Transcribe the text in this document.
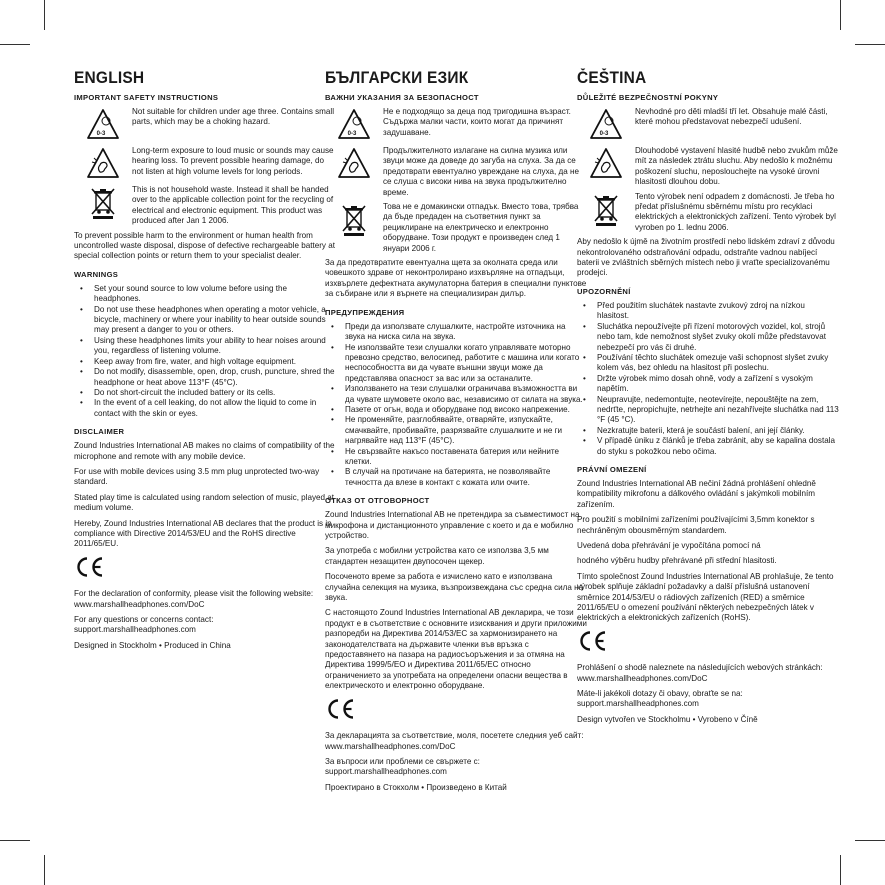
ENGLISH
IMPORTANT SAFETY INSTRUCTIONS
0-3
Not suitable for children under age three. Contains small parts, which may be a choking hazard.
Long-term exposure to loud music or sounds may cause hearing loss. To prevent possible hearing damage, do not listen at high volume levels for long periods.
This is not household waste. Instead it shall be handed over to the applicable collection point for the recycling of electrical and electronic equipment. This product was produced after Jan 1 2006.

To prevent possible harm to the environment or human health from uncontrolled waste disposal, dispose of defective rechargeable battery at special collection points or return them to your specialist dealer.

WARNINGS
• Set your sound source to low volume before using the headphones.
• Do not use these headphones when operating a motor vehicle, a bicycle, machinery or where your inability to hear outside sounds may present a danger to you or others.
• Using these headphones limits your ability to hear noises around you, regardless of listening volume.
• Keep away from fire, water, and high voltage equipment.
• Do not modify, disassemble, open, drop, crush, puncture, shred the headphone or heat above 113°F (45°C).
• Do not short-circuit the included battery or its cells.
• In the event of a cell leaking, do not allow the liquid to come in contact with the skin or eyes.
DISCLAIMER

Zound Industries International AB makes no claims of compatibility of the microphone and remote with any mobile device.

For use with mobile devices using 3.5 mm plug unprotected two-way standard.

Stated play time is calculated using random selection of music, played at medium volume.

Hereby, Zound Industries International AB declares that the product is in compliance with Directive 2014/53/EU and the RoHS directive 2011/65/EU.

For the declaration of conformity, please visit the following website: www.marshallheadphones.com/DoC

For any questions or concerns contact: support.marshallheadphones.com

Designed in Stockholm • Produced in China

БЪЛГАРСКИ ЕЗИК
ВАЖНИ УКАЗАНИЯ ЗА БЕЗОПАСНОСТ
0-3
Не е подходящо за деца под тригодишна възраст. Съдържа малки части, които могат да причинят задушаване.
Продължителното излагане на силна музика или звуци може да доведе до загуба на слуха. За да се предотврати евентуално увреждане на слуха, да не се слуша с високи нива на звука продължително време.
Това не е домакински отпадък. Вместо това, трябва да бъде предаден на съответния пункт за рециклиране на електрическо и електронно оборудване. Този продукт е произведен след 1 януари 2006 г.

За да предотвратите евентуална щета за околната среда или човешкото здраве от неконтролирано изхвърляне на отпадъци, изхвърлете дефектната акумулаторна батерия в специални пунктове за събиране или я върнете на специализиран дилър.

ПРЕДУПРЕЖДЕНИЯ
• Преди да използвате слушалките, настройте източника на звука на ниска сила на звука.
• Не използвайте тези слушалки когато управлявате моторно превозно средство, велосипед, работите с машина или когато неспособността ви да чувате външни звуци може да представлява опасност за вас или за останалите.
• Използването на тези слушалки ограничава възможността ви да чувате шумовете около вас, независимо от силата на звука.
• Пазете от огън, вода и оборудване под високо напрежение.
• Не променяйте, разглобявайте, отваряйте, изпускайте, смачквайте, пробивайте, разрязвайте слушалките и не ги нагрявайте над 113°F (45°C).
• Не свързвайте накъсо поставената батерия или нейните клетки.
• В случай на протичане на батерията, не позволявайте течността да влезе в контакт с кожата или очите.
ОТКАЗ ОТ ОТГОВОРНОСТ

Zound Industries International AB не претендира за съвместимост на микрофона и дистанционното управление с което и да е мобилно устройство.

За употреба с мобилни устройства като се използва 3,5 мм стандартен незащитен двупосочен щекер.

Посоченото време за работа е изчислено като е използвана случайна селекция на музика, възпроизвеждана със средна сила на звука.

С настоящото Zound Industries International AB декларира, че този продукт е в съответствие с основните изисквания и други приложими разпоредби на Директива 2014/53/ЕС за хармонизирането на законодателствата на държавите членки във връзка с предоставянето на пазара на радиосъоръжения и за отмяна на Директива 1999/5/ЕО и Директива 2011/65/ЕС относно ограничението за употребата на определени опасни вещества в електрическото и електронно оборудване.

За декларацията за съответствие, моля, посетете следния уеб сайт: www.marshallheadphones.com/DoC

За въпроси или проблеми се свържете с: support.marshallheadphones.com

Проектирано в Стокхолм • Произведено в Китай

ČEŠTINA
DŮLEŽITÉ BEZPEČNOSTNÍ POKYNY
0-3
Nevhodné pro děti mladší tří let. Obsahuje malé části, které mohou představovat nebezpečí udušení.
Dlouhodobé vystavení hlasité hudbě nebo zvukům může mít za následek ztrátu sluchu. Aby nedošlo k možnému poškození sluchu, neposlouchejte na vysoké úrovni hlasitosti dlouhou dobu.
Tento výrobek není odpadem z domácnosti. Je třeba ho předat příslušnému sběrnému místu pro recyklaci elektrických a elektronických zařízení. Tento výrobek byl vyroben po 1. lednu 2006.

Aby nedošlo k újmě na životním prostředí nebo lidském zdraví z důvodu nekontrolovaného odstraňování odpadu, odstraňte vadnou nabíjecí baterii ve zvláštních sběrných místech nebo ji vraťte specializovanému prodejci.

UPOZORNĚNÍ
• Před použitím sluchátek nastavte zvukový zdroj na nízkou hlasitost.
• Sluchátka nepoužívejte při řízení motorových vozidel, kol, strojů nebo tam, kde nemožnost slyšet zvuky okolí může představovat nebezpečí pro vás či druhé.
• Používání těchto sluchátek omezuje vaši schopnost slyšet zvuky kolem vás, bez ohledu na hlasitost při poslechu.
• Držte výrobek mimo dosah ohně, vody a zařízení s vysokým napětím.
• Neupravujte, nedemontujte, neotevírejte, nepouštějte na zem, nedrťte, nepropichujte, netrhejte ani nezahřívejte sluchátka nad 113 °F (45 °C).
• Nezkratujte baterii, která je součástí balení, ani její články.
• V případě úniku z článků je třeba zabránit, aby se kapalina dostala do styku s pokožkou nebo očima.
PRÁVNÍ OMEZENÍ

Zound Industries International AB nečiní žádná prohlášení ohledně kompatibility mikrofonu a dálkového ovládání s jakýmkoli mobilním zařízením.

Pro použití s mobilními zařízeními používajícími 3,5mm konektor s nechráněným obousměrným standardem.

Uvedená doba přehrávání je vypočítána pomocí ná

hodného výběru hudby přehrávané při střední hlasitosti.

Tímto společnost Zound Industries International AB prohlašuje, že tento výrobek splňuje základní požadavky a další příslušná ustanovení směrnice 2014/53/EU o rádiových zařízeních (RED) a směrnice 2011/65/EU o omezení používání některých nebezpečných látek v elektrických a elektronických zařízeních (RoHS).

Prohlášení o shodě naleznete na následujících webových stránkách: www.marshallheadphones.com/DoC

Máte-li jakékoli dotazy či obavy, obraťte se na: support.marshallheadphones.com

Design vytvořen ve Stockholmu • Vyrobeno v Číně
